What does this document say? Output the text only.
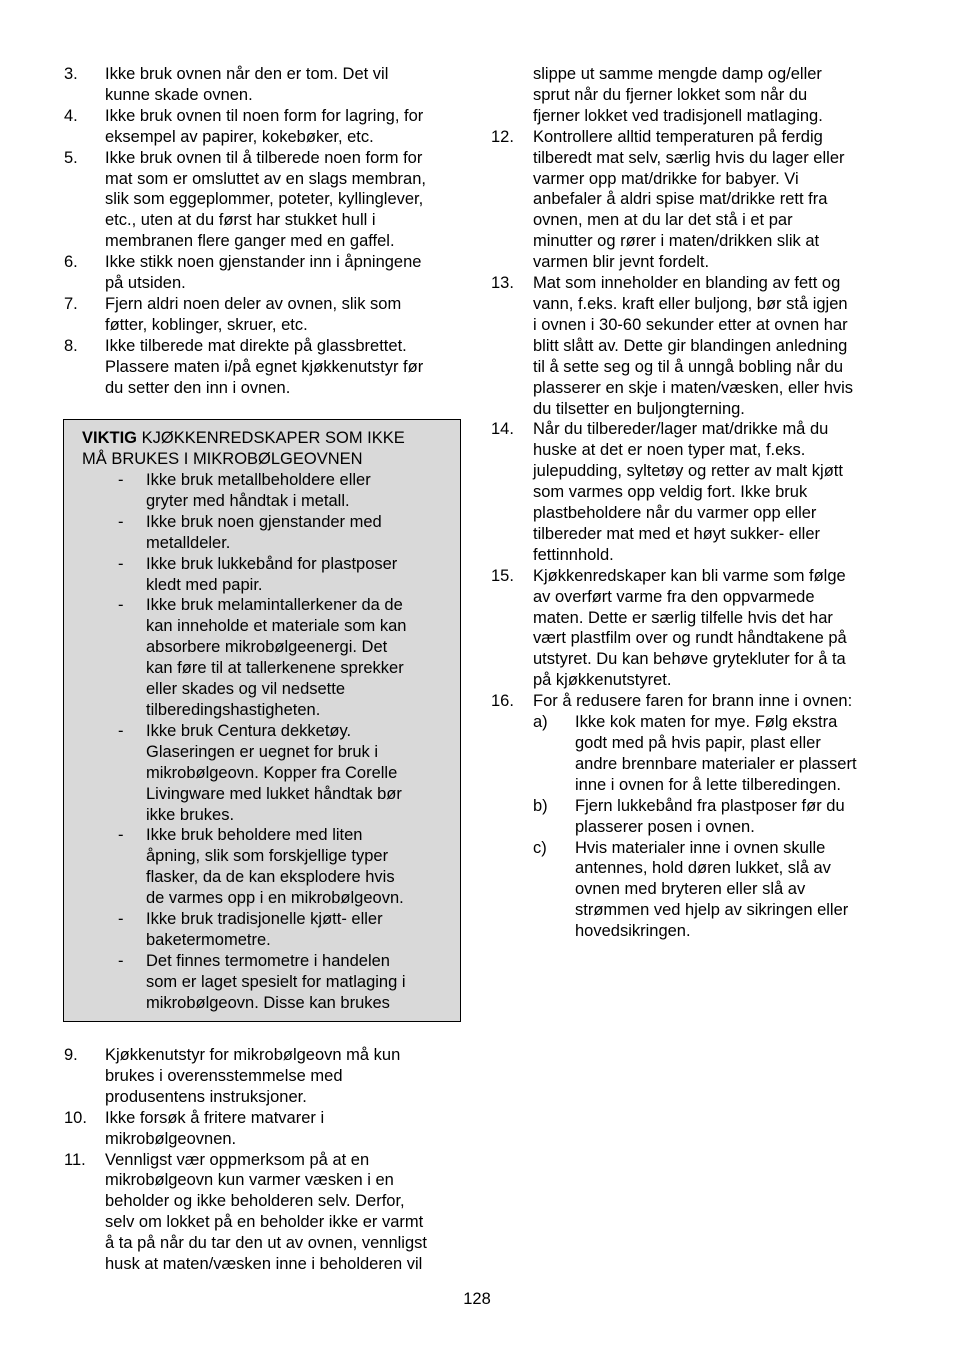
3.	Ikke bruk ovnen når den er tom. Det vil
kunne skade ovnen.
4.	Ikke bruk ovnen til noen form for lagring, for
eksempel av papirer, kokebøker, etc.
5.	Ikke bruk ovnen til å tilberede noen form for
mat som er omsluttet av en slags membran,
slik som eggeplommer, poteter, kyllinglever,
etc., uten at du først har stukket hull i
membranen flere ganger med en gaffel.
6.	Ikke stikk noen gjenstander inn i åpningene
på utsiden.
7.	Fjern aldri noen deler av ovnen, slik som
føtter, koblinger, skruer, etc.
8.	Ikke tilberede mat direkte på glassbrettet.
Plassere maten i/på egnet kjøkkenutstyr før
du setter den inn i ovnen.
VIKTIG KJØKKENREDSKAPER SOM IKKE
MÅ BRUKES I MIKROBØLGEOVNEN
-	Ikke bruk metallbeholdere eller
gryter med håndtak i metall.
-	Ikke bruk noen gjenstander med
metalldeler.
-	Ikke bruk lukkebånd for plastposer
kledt med papir.
-	Ikke bruk melamintallerkener da de
kan inneholde et materiale som kan
absorbere mikrobølgeenergi. Det
kan føre til at tallerkenene sprekker
eller skades og vil nedsette
tilberedingshastigheten.
-	Ikke bruk Centura dekketøy.
Glaseringen er uegnet for bruk i
mikrobølgeovn. Kopper fra Corelle
Livingware med lukket håndtak bør
ikke brukes.
-	Ikke bruk beholdere med liten
åpning, slik som forskjellige typer
flasker, da de kan eksplodere hvis
de varmes opp i en mikrobølgeovn.
-	Ikke bruk tradisjonelle kjøtt- eller
baketermometre.
-	Det finnes termometre i handelen
som er laget spesielt for matlaging i
mikrobølgeovn. Disse kan brukes
9.	Kjøkkenutstyr for mikrobølgeovn må kun
brukes i overensstemmelse med
produsentens instruksjoner.
10.	Ikke forsøk å fritere matvarer i
mikrobølgeovnen.
11.	Vennligst vær oppmerksom på at en
mikrobølgeovn kun varmer væsken i en
beholder og ikke beholderen selv. Derfor,
selv om lokket på en beholder ikke er varmt
å ta på når du tar den ut av ovnen, vennligst
husk at maten/væsken inne i beholderen vil
slippe ut samme mengde damp og/eller
sprut når du fjerner lokket som når du
fjerner lokket ved tradisjonell matlaging.
12.	Kontrollere alltid temperaturen på ferdig
tilberedt mat selv, særlig hvis du lager eller
varmer opp mat/drikke for babyer. Vi
anbefaler å aldri spise mat/drikke rett fra
ovnen, men at du lar det stå i et par
minutter og rører i maten/drikken slik at
varmen blir jevnt fordelt.
13.	Mat som inneholder en blanding av fett og
vann, f.eks. kraft eller buljong, bør stå igjen
i ovnen i 30-60 sekunder etter at ovnen har
blitt slått av. Dette gir blandingen anledning
til å sette seg og til å unngå bobling når du
plasserer en skje i maten/væsken, eller hvis
du tilsetter en buljongterning.
14.	Når du tilbereder/lager mat/drikke må du
huske at det er noen typer mat, f.eks.
julepudding, syltetøy og retter av malt kjøtt
som varmes opp veldig fort. Ikke bruk
plastbeholdere når du varmer opp eller
tilbereder mat med et høyt sukker- eller
fettinnhold.
15.	Kjøkkenredskaper kan bli varme som følge
av overført varme fra den oppvarmede
maten. Dette er særlig tilfelle hvis det har
vært plastfilm over og rundt håndtakene på
utstyret. Du kan behøve grytekluter for å ta
på kjøkkenutstyret.
16.	For å redusere faren for brann inne i ovnen:
a)	Ikke kok maten for mye. Følg ekstra
godt med på hvis papir, plast eller
andre brennbare materialer er plassert
inne i ovnen for å lette tilberedingen.
b)	Fjern lukkebånd fra plastposer før du
plasserer posen i ovnen.
c)	Hvis materialer inne i ovnen skulle
antennes, hold døren lukket, slå av
ovnen med bryteren eller slå av
strømmen ved hjelp av sikringen eller
hovedsikringen.
128
